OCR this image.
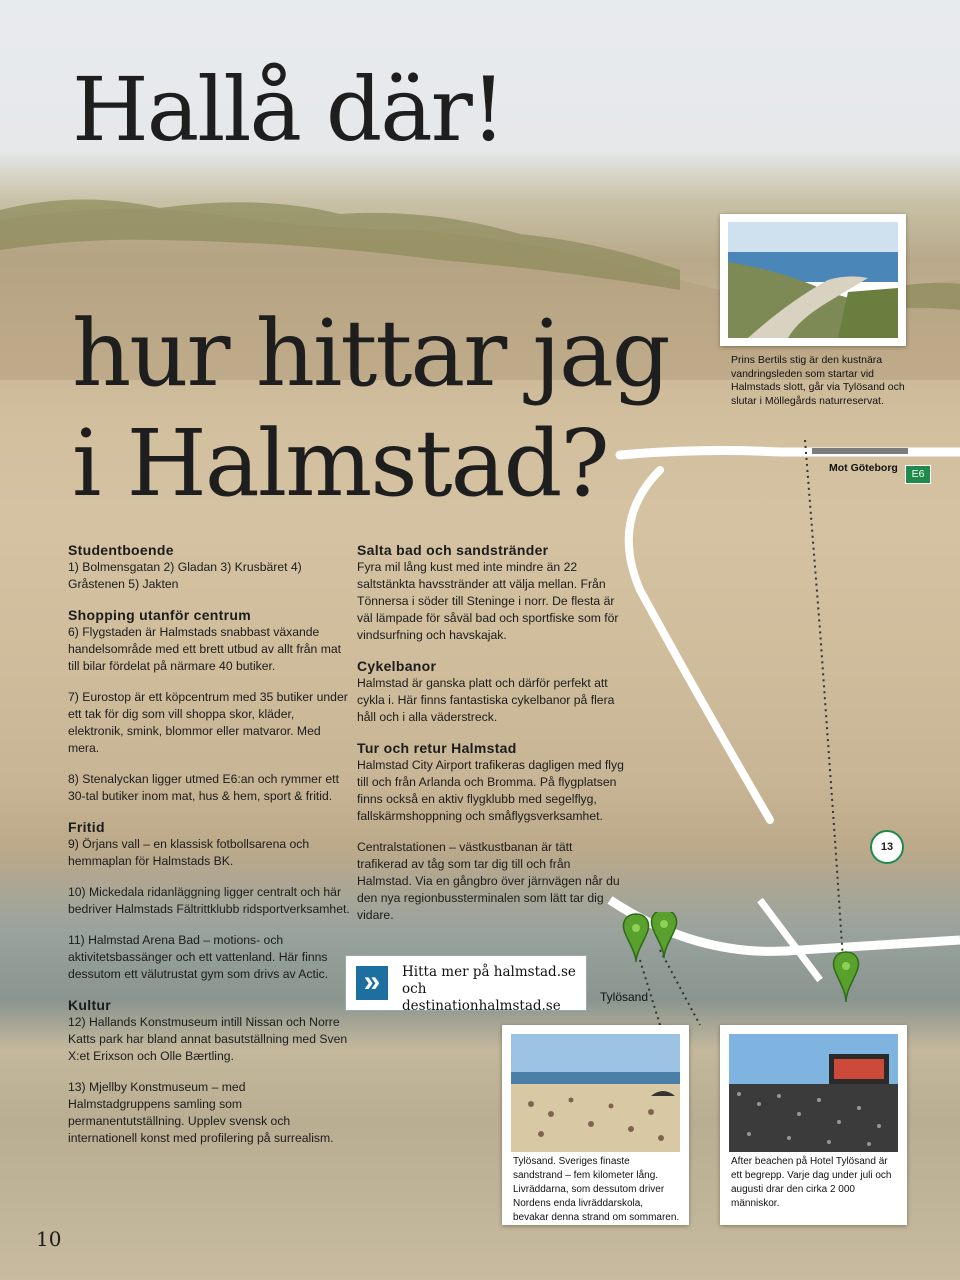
Hallå där!
hur hittar jag
i Halmstad?
Prins Bertils stig är den kustnära vandringsleden som startar vid Halmstads slott, går via Tylösand och slutar i Möllegårds naturreservat.
Mot Göteborg	E6
Studentboende

1) Bolmensgatan 2) Gladan 3) Krusbäret 4) Gråstenen 5) Jakten

Shopping utanför centrum

6) Flygstaden är Halmstads snabbast växande handelsområde med ett brett utbud av allt från mat till bilar fördelat på närmare 40 butiker.

7) Eurostop är ett köpcentrum med 35 butiker under ett tak för dig som vill shoppa skor, kläder, elektronik, smink, blommor eller matvaror. Med mera.

8) Stenalyckan ligger utmed E6:an och rymmer ett 30-tal butiker inom mat, hus & hem, sport & fritid.

Fritid

9) Örjans vall – en klassisk fotbollsarena och hemmaplan för Halmstads BK.

10) Mickedala ridanläggning ligger centralt och här bedriver Halmstads Fältrittklubb ridsportverksamhet.

11) Halmstad Arena Bad – motions- och aktivitetsbassänger och ett vattenland. Här finns dessutom ett välutrustat gym som drivs av Actic.

Kultur

12) Hallands Konstmuseum intill Nissan och Norre Katts park har bland annat basutställning med Sven X:et Erixson och Olle Bærtling.

13) Mjellby Konstmuseum – med Halmstadgruppens samling som permanentutställning. Upplev svensk och internationell konst med profilering på surrealism.

Salta bad och sandstränder

Fyra mil lång kust med inte mindre än 22 saltstänkta havsstränder att välja mellan. Från Tönnersa i söder till Steninge i norr. De flesta är väl lämpade för såväl bad och sportfiske som för vindsurfning och havskajak.

Cykelbanor

Halmstad är ganska platt och därför perfekt att cykla i. Här finns fantastiska cykelbanor på flera håll och i alla väderstreck.

Tur och retur Halmstad

Halmstad City Airport trafikeras dagligen med flyg till och från Arlanda och Bromma. På flygplatsen finns också en aktiv flygklubb med segelflyg, fallskärmshoppning och småflygsverksamhet.

Centralstationen – västkustbanan är tätt trafikerad av tåg som tar dig till och från Halmstad. Via en gångbro över järnvägen når du den nya regionbussterminalen som lätt tar dig vidare.

13
»	Hitta mer på halmstad.se
och destinationhalmstad.se
Tylösand
Tylösand. Sveriges finaste sandstrand – fem kilometer lång. Livräddarna, som dessutom driver Nordens enda livräddarskola, bevakar denna strand om sommaren.
After beachen på Hotel Tylösand är ett begrepp. Varje dag under juli och augusti drar den cirka 2 000 människor.
10
